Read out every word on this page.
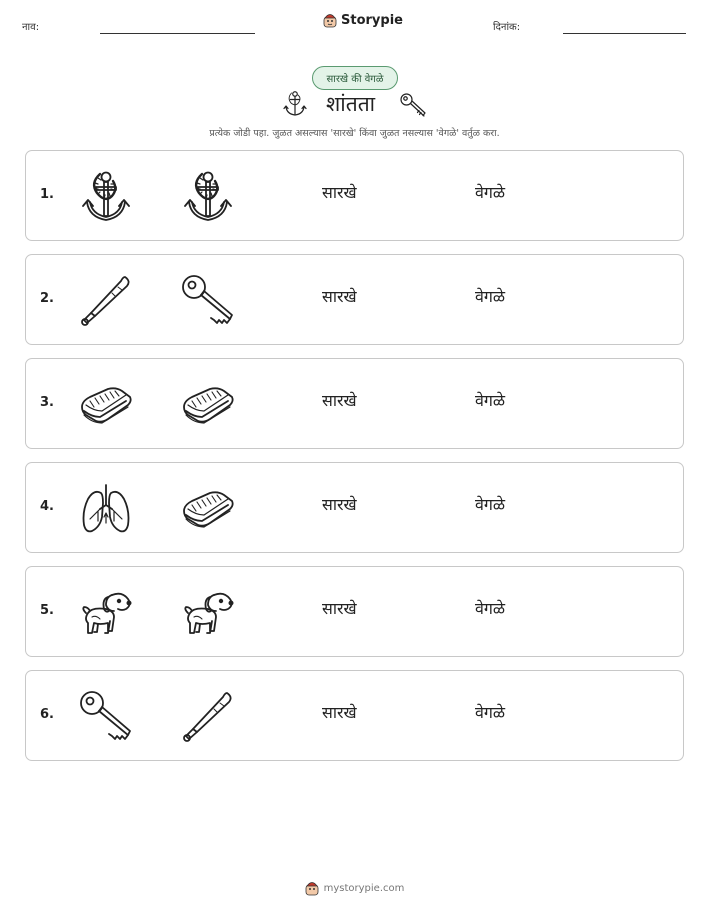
नाव:	Storypie	दिनांक:
सारखे की वेगळे
शांतता
प्रत्येक जोडी पहा. जुळत असल्यास 'सारखे' किंवा जुळत नसल्यास 'वेगळे' वर्तुळ करा.
1.	सारखे	वेगळे
2.	सारखे	वेगळे
3.	सारखे	वेगळे
4.	सारखे	वेगळे
5.	सारखे	वेगळे
6.	सारखे	वेगळे
mystorypie.com
